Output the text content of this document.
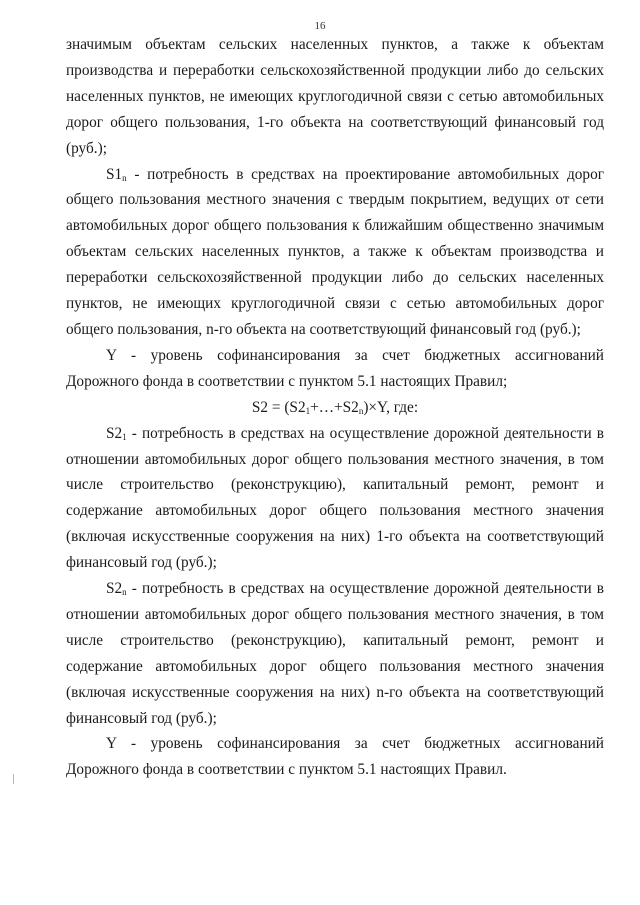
16

значимым объектам сельских населенных пунктов, а также к объектам производства и переработки сельскохозяйственной продукции либо до сельских населенных пунктов, не имеющих круглогодичной связи с сетью автомобильных дорог общего пользования, 1-го объекта на соответствующий финансовый год (руб.);

$S1_n$ - потребность в средствах на проектирование автомобильных дорог общего пользования местного значения с твердым покрытием, ведущих от сети автомобильных дорог общего пользования к ближайшим общественно значимым объектам сельских населенных пунктов, а также к объектам производства и переработки сельскохозяйственной продукции либо до сельских населенных пунктов, не имеющих круглогодичной связи с сетью автомобильных дорог общего пользования, n-го объекта на соответствующий финансовый год (руб.);

Y - уровень софинансирования за счет бюджетных ассигнований Дорожного фонда в соответствии с пунктом 5.1 настоящих Правил;

$S2 = (S2_1+\dots+S2_n)\times Y$, где:

$S2_1$ - потребность в средствах на осуществление дорожной деятельности в отношении автомобильных дорог общего пользования местного значения, в том числе строительство (реконструкцию), капитальный ремонт, ремонт и содержание автомобильных дорог общего пользования местного значения (включая искусственные сооружения на них) 1-го объекта на соответствующий финансовый год (руб.);

$S2_n$ - потребность в средствах на осуществление дорожной деятельности в отношении автомобильных дорог общего пользования местного значения, в том числе строительство (реконструкцию), капитальный ремонт, ремонт и содержание автомобильных дорог общего пользования местного значения (включая искусственные сооружения на них) n-го объекта на соответствующий финансовый год (руб.);

Y - уровень софинансирования за счет бюджетных ассигнований Дорожного фонда в соответствии с пунктом 5.1 настоящих Правил.
